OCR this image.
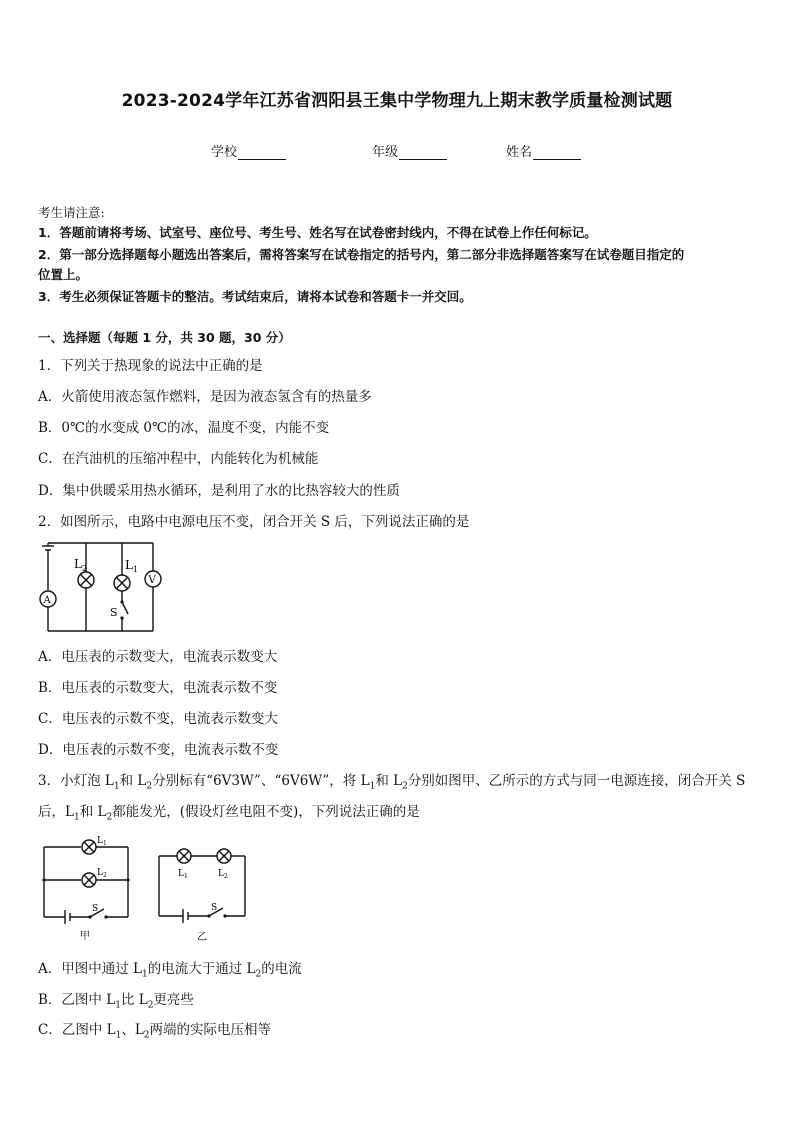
2023-2024学年江苏省泗阳县王集中学物理九上期末教学质量检测试题
学校	年级	姓名
考生请注意:
1．答题前请将考场、试室号、座位号、考生号、姓名写在试卷密封线内，不得在试卷上作任何标记。
2．第一部分选择题每小题选出答案后，需将答案写在试卷指定的括号内，第二部分非选择题答案写在试卷题目指定的
位置上。
3．考生必须保证答题卡的整洁。考试结束后，请将本试卷和答题卡一并交回。
一、选择题（每题 1 分，共 30 题，30 分）
1．下列关于热现象的说法中正确的是
A．火箭使用液态氢作燃料，是因为液态氢含有的热量多
B．0℃的水变成 0℃的冰，温度不变，内能不变
C．在汽油机的压缩冲程中，内能转化为机械能
D．集中供暖采用热水循环，是利用了水的比热容较大的性质
2．如图所示，电路中电源电压不变，闭合开关 S 后，下列说法正确的是
A
V
$L_2$	$L_1$
S
A．电压表的示数变大，电流表示数变大
B．电压表的示数变大，电流表示数不变
C．电压表的示数不变，电流表示数变大
D．电压表的示数不变，电流表示数不变
3．小灯泡 $L_1$和 $L_2$分别标有“6V3W”、“6V6W”，将 $L_1$和 $L_2$分别如图甲、乙所示的方式与同一电源连接，闭合开关 S
后，$L_1$和 $L_2$都能发光，(假设灯丝电阻不变)，下列说法正确的是
$L_1$
$L_2$
S
甲
$L_1$	$L_2$
S
乙
A．甲图中通过 $L_1$的电流大于通过 $L_2$的电流
B．乙图中 $L_1$比 $L_2$更亮些
C．乙图中 $L_1$、$L_2$两端的实际电压相等
